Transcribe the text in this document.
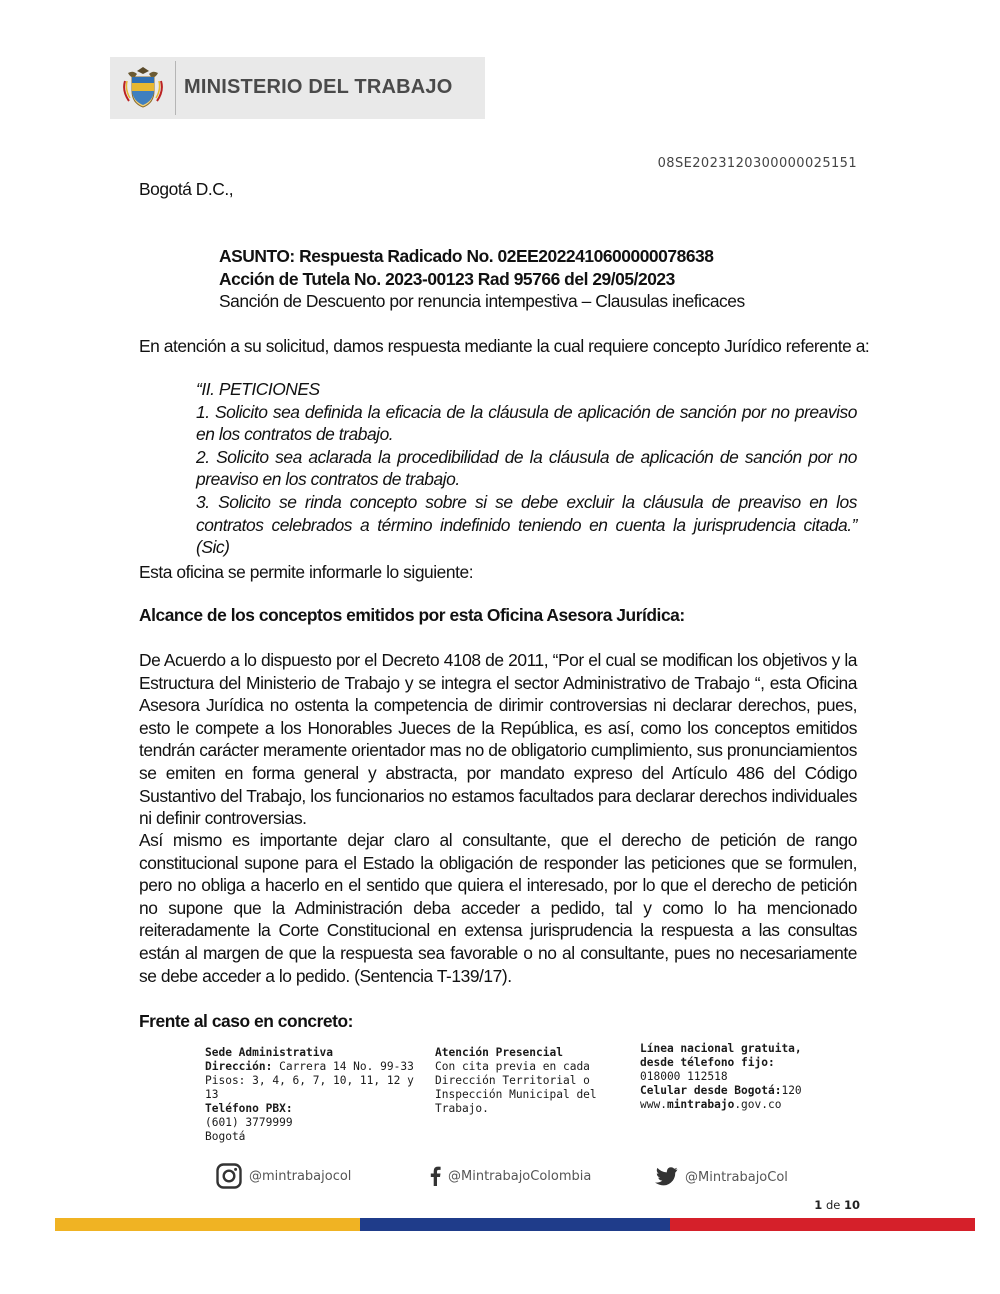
MINISTERIO DEL TRABAJO
08SE2023120300000025151
Bogotá D.C.,
ASUNTO: Respuesta Radicado No. 02EE2022410600000078638
Acción de Tutela No. 2023-00123 Rad 95766 del 29/05/2023
Sanción de Descuento por renuncia intempestiva – Clausulas ineficaces
En atención a su solicitud, damos respuesta mediante la cual requiere concepto Jurídico referente a:

“II. PETICIONES

1. Solicito sea definida la eficacia de la cláusula de aplicación de sanción por no preaviso en los contratos de trabajo.

2. Solicito sea aclarada la procedibilidad de la cláusula de aplicación de sanción por no preaviso en los contratos de trabajo.

3. Solicito se rinda concepto sobre si se debe excluir la cláusula de preaviso en los contratos celebrados a término indefinido teniendo en cuenta la jurisprudencia citada.” (Sic)

Esta oficina se permite informarle lo siguiente:
Alcance de los conceptos emitidos por esta Oficina Asesora Jurídica:
De Acuerdo a lo dispuesto por el Decreto 4108 de 2011, “Por el cual se modifican los objetivos y la Estructura del Ministerio de Trabajo y se integra el sector Administrativo de Trabajo “, esta Oficina Asesora Jurídica no ostenta la competencia de dirimir controversias ni declarar derechos, pues, esto le compete a los Honorables Jueces de la República, es así, como los conceptos emitidos tendrán carácter meramente orientador mas no de obligatorio cumplimiento, sus pronunciamientos se emiten en forma general y abstracta, por mandato expreso del Artículo 486 del Código Sustantivo del Trabajo, los funcionarios no estamos facultados para declarar derechos individuales ni definir controversias.
Así mismo es importante dejar claro al consultante, que el derecho de petición de rango constitucional supone para el Estado la obligación de responder las peticiones que se formulen, pero no obliga a hacerlo en el sentido que quiera el interesado, por lo que el derecho de petición no supone que la Administración deba acceder a pedido, tal y como lo ha mencionado reiteradamente la Corte Constitucional en extensa jurisprudencia la respuesta a las consultas están al margen de que la respuesta sea favorable o no al consultante, pues no necesariamente se debe acceder a lo pedido. (Sentencia T-139/17).
Frente al caso en concreto:
Sede Administrativa
Dirección: Carrera 14 No. 99-33
Pisos: 3, 4, 6, 7, 10, 11, 12 y 13
Teléfono PBX:
(601) 3779999
Bogotá
Atención Presencial
Con cita previa en cada
Dirección Territorial o
Inspección Municipal del
Trabajo.
Línea nacional gratuita,
desde télefono fijo:
018000 112518
Celular desde Bogotá:120
www.mintrabajo.gov.co
@mintrabajocol	@MintrabajoColombia	@MintrabajoCol
1 de 10
